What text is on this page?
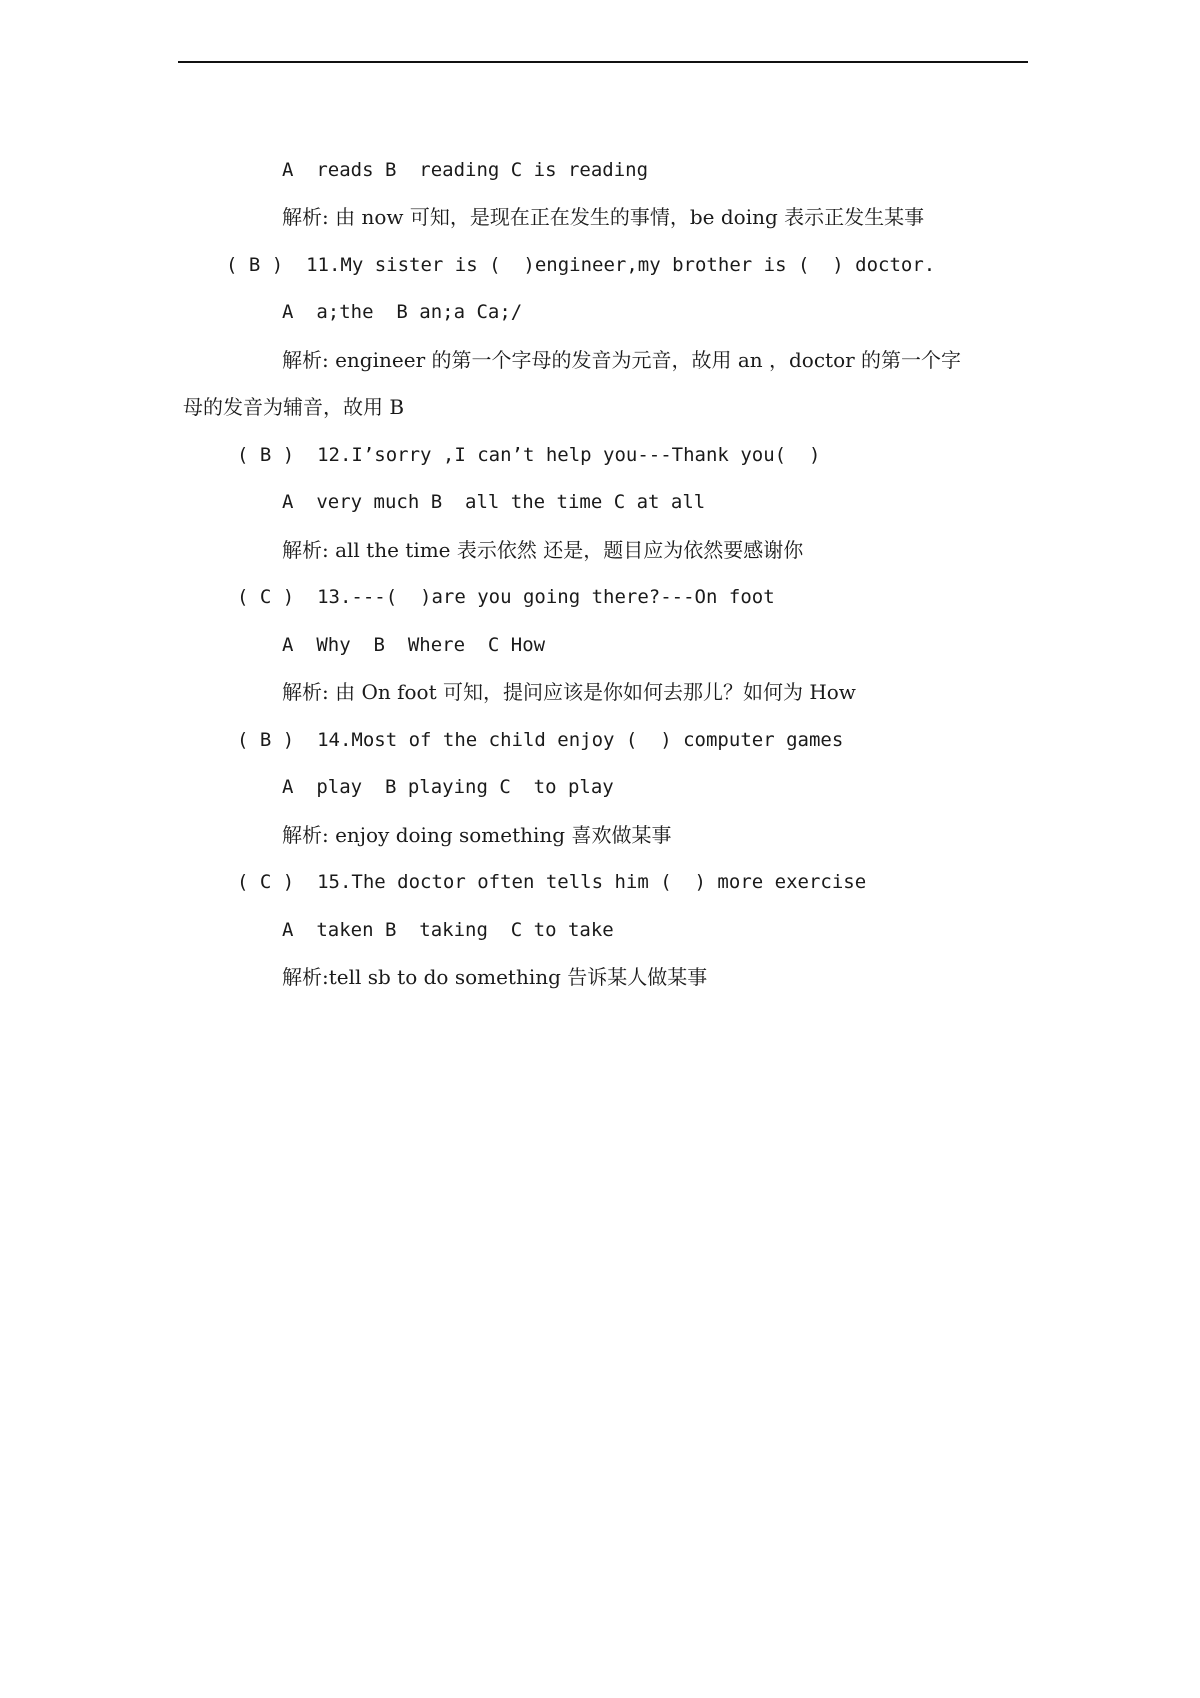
A  reads B  reading C is reading

解析: 由 now 可知，是现在正在发生的事情，be doing 表示正发生某事

( B )  11.My sister is (  )engineer,my brother is (  ) doctor.

A  a;the  B an;a Ca;/

解析: engineer 的第一个字母的发音为元音，故用 an ，doctor 的第一个字

母的发音为辅音，故用 B

( B )  12.I’sorry ,I can’t help you---Thank you(  )

A  very much B  all the time C at all

解析: all the time 表示依然 还是，题目应为依然要感谢你

( C )  13.---(  )are you going there?---On foot

A  Why  B  Where  C How

解析: 由 On foot 可知，提问应该是你如何去那儿？如何为 How

( B )  14.Most of the child enjoy (  ) computer games

A  play  B playing C  to play

解析: enjoy doing something 喜欢做某事

( C )  15.The doctor often tells him (  ) more exercise

A  taken B  taking  C to take

解析:tell sb to do something 告诉某人做某事
